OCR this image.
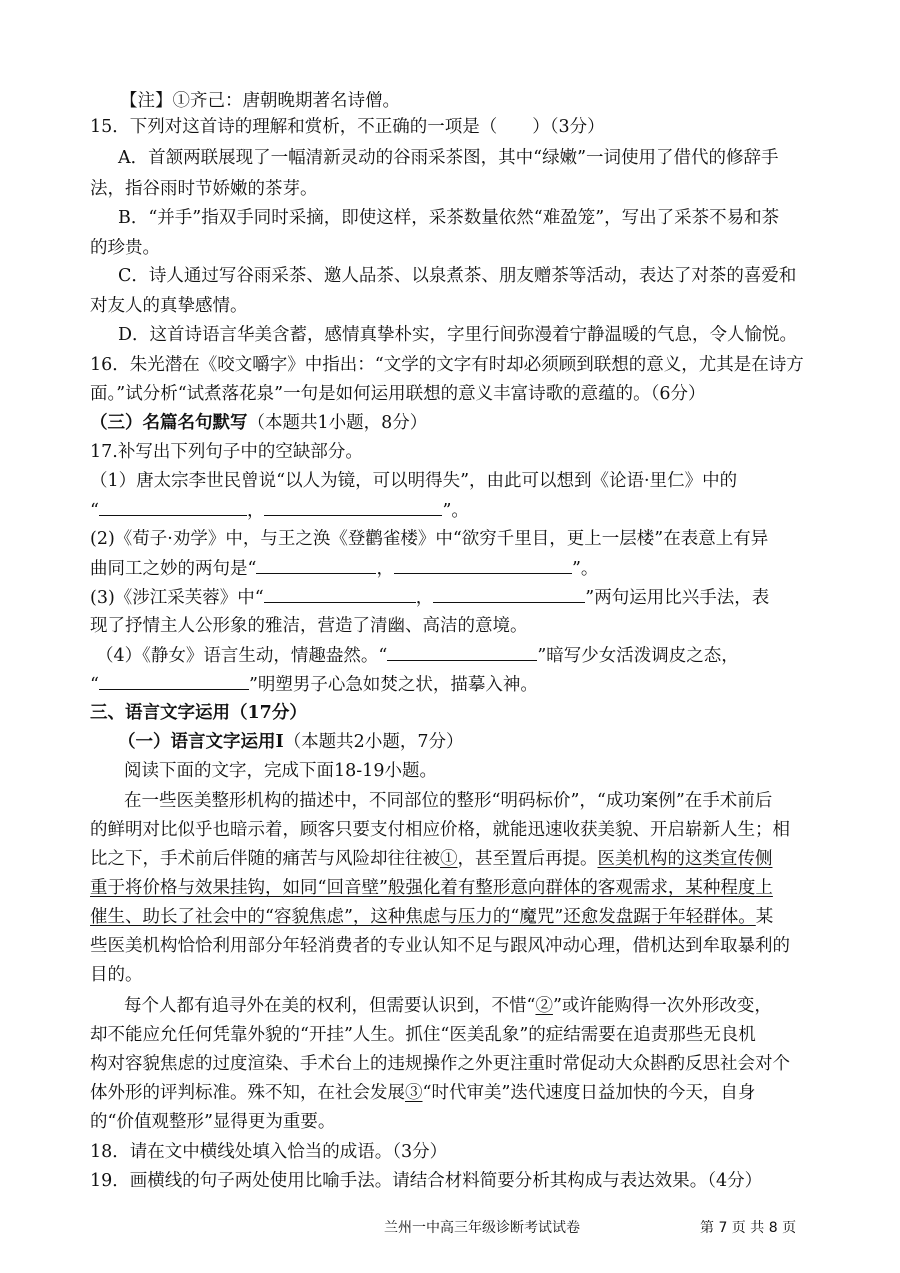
【注】①齐己：唐朝晚期著名诗僧。
15．下列对这首诗的理解和赏析，不正确的一项是（　　）（3分）
A．首颔两联展现了一幅清新灵动的谷雨采茶图，其中“绿嫩”一词使用了借代的修辞手
法，指谷雨时节娇嫩的茶芽。
B．“并手”指双手同时采摘，即使这样，采茶数量依然“难盈笼”，写出了采茶不易和茶
的珍贵。
C．诗人通过写谷雨采茶、邀人品茶、以泉煮茶、朋友赠茶等活动，表达了对茶的喜爱和
对友人的真挚感情。
D．这首诗语言华美含蓄，感情真挚朴实，字里行间弥漫着宁静温暖的气息，令人愉悦。
16．朱光潜在《咬文嚼字》中指出：“文学的文字有时却必须顾到联想的意义，尤其是在诗方
面。”试分析“试煮落花泉”一句是如何运用联想的意义丰富诗歌的意蕴的。（6分）
（三）名篇名句默写（本题共1小题，8分）
17.补写出下列句子中的空缺部分。
（1）唐太宗李世民曾说“以人为镜，可以明得失”，由此可以想到《论语·里仁》中的
“	，	”。
(2)《荀子·劝学》中，与王之涣《登鹳雀楼》中“欲穷千里目，更上一层楼”在表意上有异
曲同工之妙的两句是“	，	”。
(3)《涉江采芙蓉》中“	，	”两句运用比兴手法，表
现了抒情主人公形象的雅洁，营造了清幽、高洁的意境。
（4）《静女》语言生动，情趣盎然。“	”暗写少女活泼调皮之态，
“	”明塑男子心急如焚之状，描摹入神。
三、语言文字运用（17分）
（一）语言文字运用Ⅰ（本题共2小题，7分）
阅读下面的文字，完成下面18-19小题。
在一些医美整形机构的描述中，不同部位的整形“明码标价”，“成功案例”在手术前后
的鲜明对比似乎也暗示着，顾客只要支付相应价格，就能迅速收获美貌、开启崭新人生；相
比之下，手术前后伴随的痛苦与风险却往往被①，甚至置后再提。医美机构的这类宣传侧
重于将价格与效果挂钩，如同“回音壁”般强化着有整形意向群体的客观需求，某种程度上
催生、助长了社会中的“容貌焦虑”，这种焦虑与压力的“魔咒”还愈发盘踞于年轻群体。某
些医美机构恰恰利用部分年轻消费者的专业认知不足与跟风冲动心理，借机达到牟取暴利的
目的。
每个人都有追寻外在美的权利，但需要认识到，不惜“②”或许能购得一次外形改变，
却不能应允任何凭靠外貌的“开挂”人生。抓住“医美乱象”的症结需要在追责那些无良机
构对容貌焦虑的过度渲染、手术台上的违规操作之外更注重时常促动大众斟酌反思社会对个
体外形的评判标准。殊不知，在社会发展③“时代审美”迭代速度日益加快的今天，自身
的“价值观整形”显得更为重要。
18．请在文中横线处填入恰当的成语。（3分）
19．画横线的句子两处使用比喻手法。请结合材料简要分析其构成与表达效果。（4分）
兰州一中高三年级诊断考试试卷	第 7 页 共 8 页
